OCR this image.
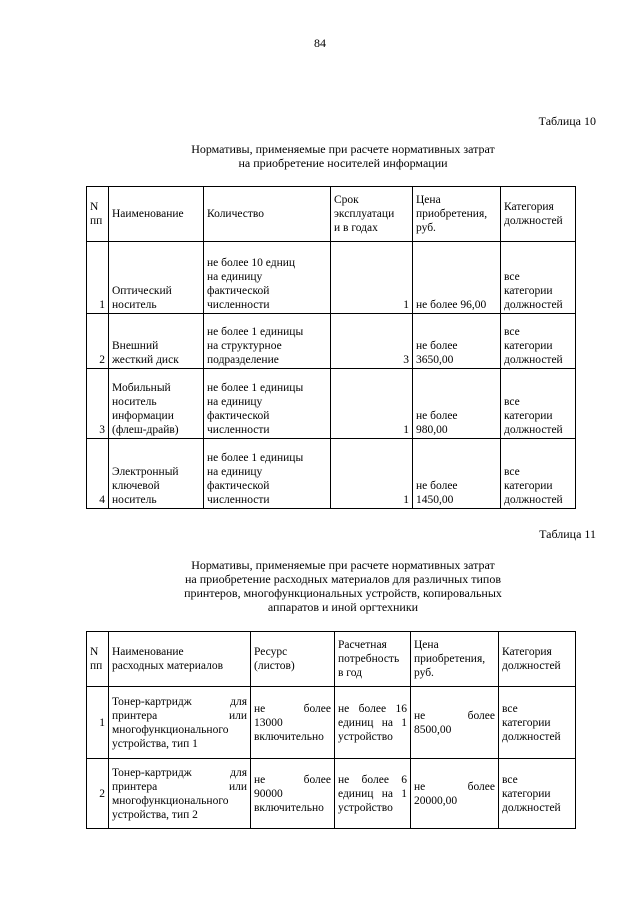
84
Таблица 10
Нормативы, применяемые при расчете нормативных затрат
на приобретение носителей информации
N
пп	Наименование	Количество	Срок
эксплуатаци
и в годах	Цена
приобретения,
руб.	Категория
должностей

1	Оптический
носитель	не более 10 едниц
на единицу
фактической
численности	1	не более 96,00	все
категории
должностей

2	Внешний
жесткий диск	не более 1 единицы
на структурное
подразделение	3	не более
3650,00	все
категории
должностей

3	Мобильный
носитель
информации
(флеш-драйв)	не более 1 единицы
на единицу
фактической
численности	1	не более
980,00	все
категории
должностей

4	Электронный
ключевой
носитель	не более 1 единицы
на единицу
фактической
численности	1	не более
1450,00	все
категории
должностей
Таблица 11
Нормативы, применяемые при расчете нормативных затрат
на приобретение расходных материалов для различных типов
принтеров, многофункциональных устройств, копировальных
аппаратов и иной оргтехники
N
пп	Наименование
расходных материалов	Ресурс
(листов)	Расчетная
потребность
в год	Цена
приобретения,
руб.	Категория
должностей

1	Тонер-картридж для
принтера или
многофункционального
устройства, тип 1	не более
13000
включительно	не более 16
единиц на 1
устройство	не более
8500,00	все
категории
должностей

2	Тонер-картридж для
принтера или
многофункционального
устройства, тип 2	не более
90000
включительно	не более 6
единиц на 1
устройство	не более
20000,00	все
категории
должностей
